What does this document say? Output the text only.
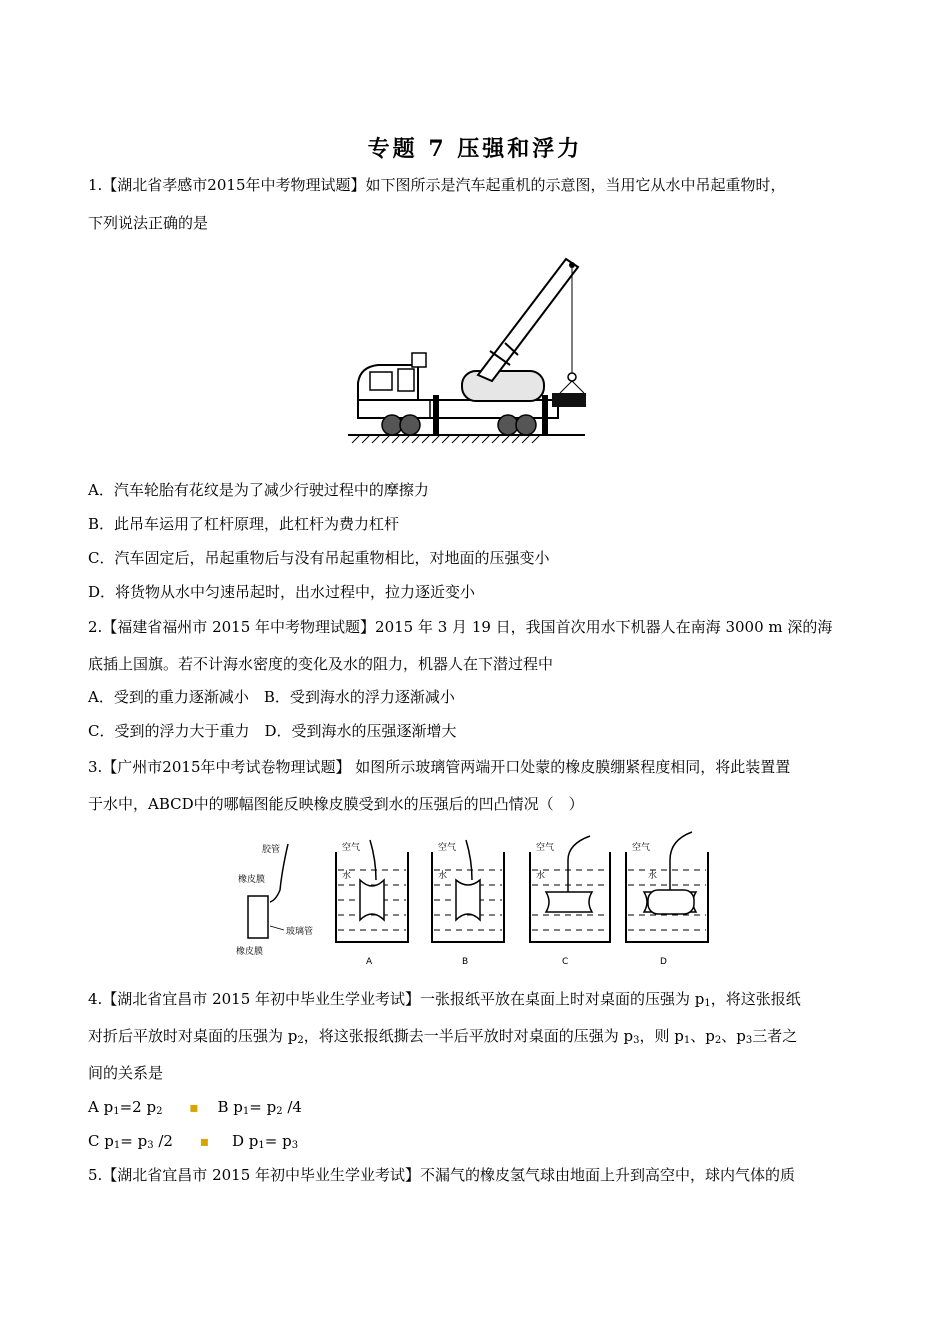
专题 7 压强和浮力
1.【湖北省孝感市2015年中考物理试题】如下图所示是汽车起重机的示意图，当用它从水中吊起重物时，
下列说法正确的是
A．汽车轮胎有花纹是为了减少行驶过程中的摩擦力
B．此吊车运用了杠杆原理，此杠杆为费力杠杆
C．汽车固定后，吊起重物后与没有吊起重物相比，对地面的压强变小
D．将货物从水中匀速吊起时，出水过程中，拉力逐近变小
2.【福建省福州市 2015 年中考物理试题】2015 年 3 月 19 日，我国首次用水下机器人在南海 3000 m 深的海
底插上国旗。若不计海水密度的变化及水的阻力，机器人在下潜过程中
A．受到的重力逐渐减小　B．受到海水的浮力逐渐减小
C．受到的浮力大于重力　D．受到海水的压强逐渐增大
3.【广州市2015年中考试卷物理试题】 如图所示玻璃管两端开口处蒙的橡皮膜绷紧程度相同，将此装置置
于水中，ABCD中的哪幅图能反映橡皮膜受到水的压强后的凹凸情况（　）
胶管
橡皮膜
玻璃管
橡皮膜
空气
水
A
空气
水
B
空气
水
C
空气
水
D
4.【湖北省宜昌市 2015 年初中毕业生学业考试】一张报纸平放在桌面上时对桌面的压强为 $p_1$，将这张报纸
对折后平放时对桌面的压强为 $p_2$，将这张报纸撕去一半后平放时对桌面的压强为 $p_3$，则 $p_1$、$p_2$、$p_3$三者之
间的关系是
A $p_1=2$ $p_2$ ▪ B $p_1= p_2$ /4
C $p_1= p_3$ /2 ▪ D $p_1= p_3$
5.【湖北省宜昌市 2015 年初中毕业生学业考试】不漏气的橡皮氢气球由地面上升到高空中，球内气体的质
